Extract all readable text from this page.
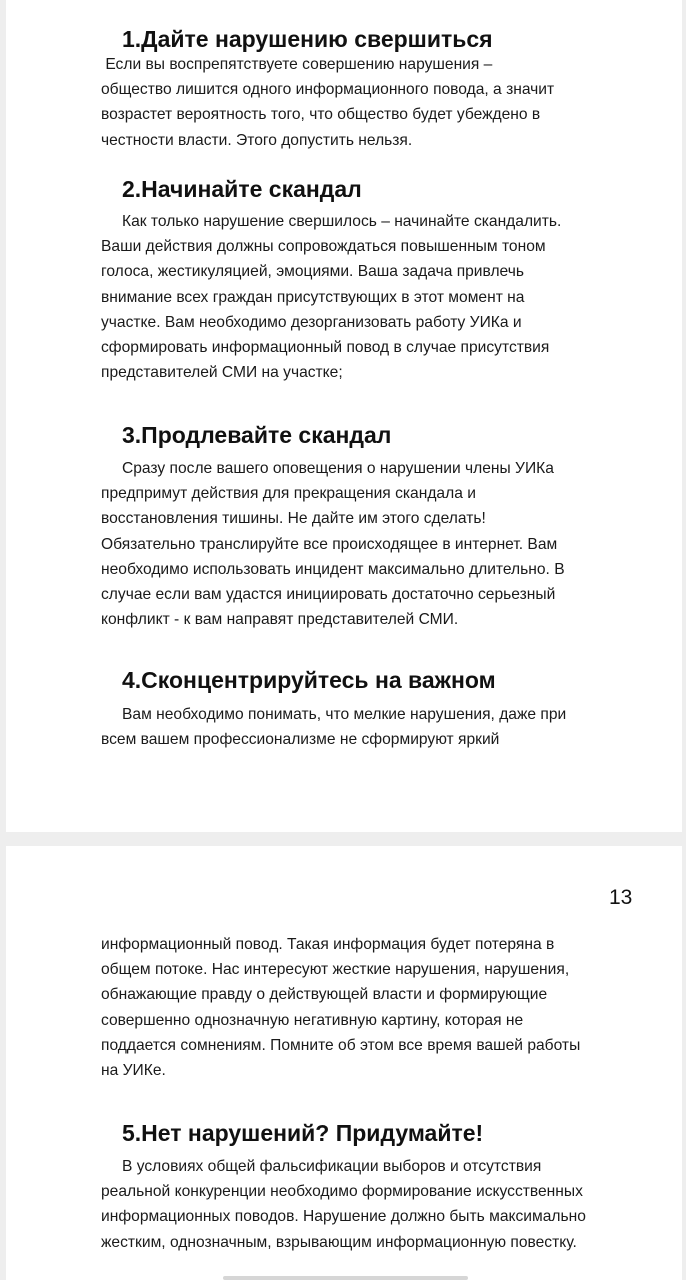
1.Дайте нарушению свершиться

Если вы воспрепятствуете совершению нарушения –
общество лишится одного информационного повода, а значит
возрастет вероятность того, что общество будет убеждено в
честности власти. Этого допустить нельзя.

2.Начинайте скандал

Как только нарушение свершилось – начинайте скандалить.
Ваши действия должны сопровождаться повышенным тоном
голоса, жестикуляцией, эмоциями. Ваша задача привлечь
внимание всех граждан присутствующих в этот момент на
участке. Вам необходимо дезорганизовать работу УИКа и
сформировать информационный повод в случае присутствия
представителей СМИ на участке;

3.Продлевайте скандал

Сразу после вашего оповещения о нарушении члены УИКа
предпримут действия для прекращения скандала и
восстановления тишины. Не дайте им этого сделать!
Обязательно транслируйте все происходящее в интернет. Вам
необходимо использовать инцидент максимально длительно. В
случае если вам удастся инициировать достаточно серьезный
конфликт - к вам направят представителей СМИ.

4.Сконцентрируйтесь на важном

Вам необходимо понимать, что мелкие нарушения, даже при
всем вашем профессионализме не сформируют яркий

13

информационный повод. Такая информация будет потеряна в
общем потоке. Нас интересуют жесткие нарушения, нарушения,
обнажающие правду о действующей власти и формирующие
совершенно однозначную негативную картину, которая не
поддается сомнениям. Помните об этом все время вашей работы
на УИКе.

5.Нет нарушений? Придумайте!

В условиях общей фальсификации выборов и отсутствия
реальной конкуренции необходимо формирование искусственных
информационных поводов. Нарушение должно быть максимально
жестким, однозначным, взрывающим информационную повестку.
